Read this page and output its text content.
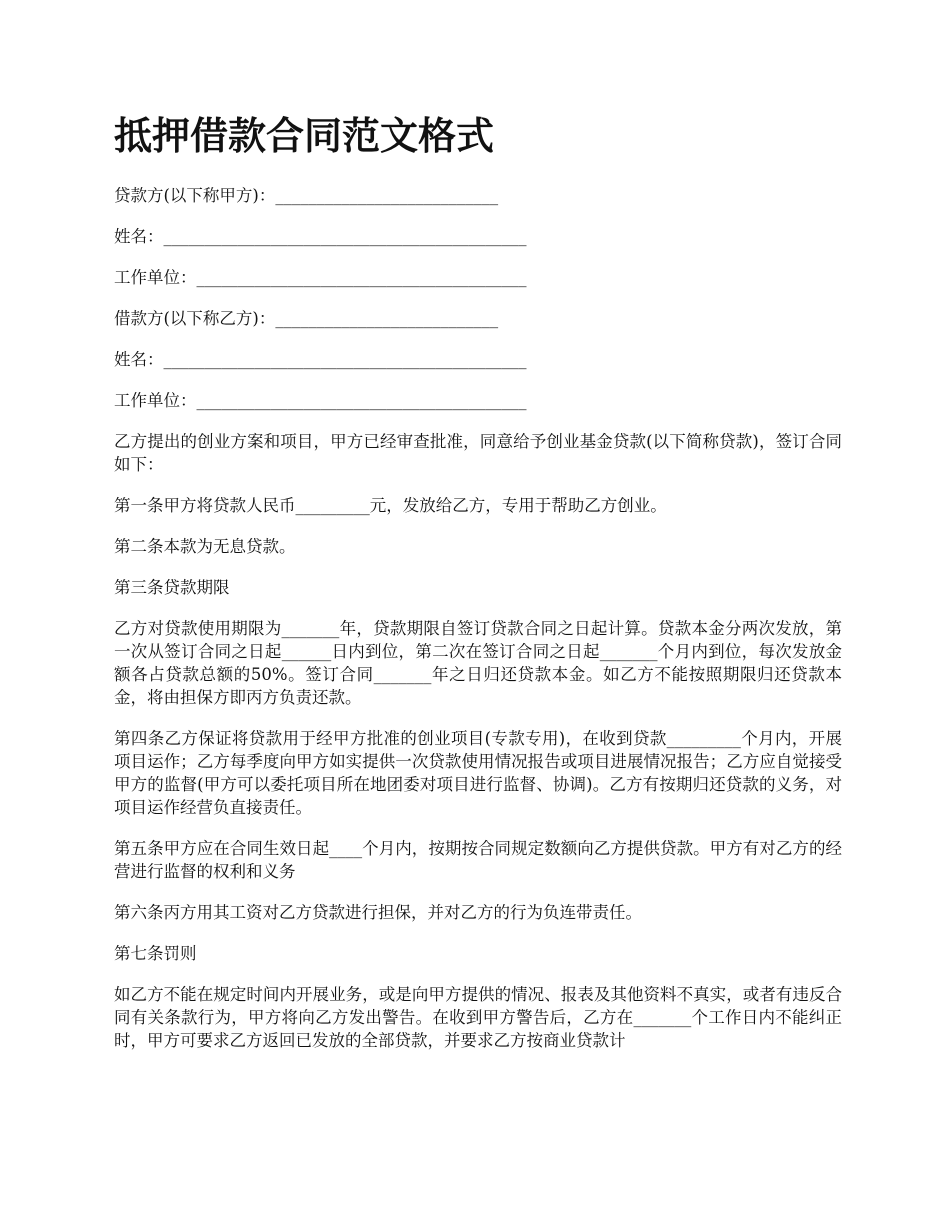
抵押借款合同范文格式
贷款方(以下称甲方)：___________________________
姓名：____________________________________________
工作单位：________________________________________
借款方(以下称乙方)：___________________________
姓名：____________________________________________
工作单位：________________________________________

乙方提出的创业方案和项目，甲方已经审查批准，同意给予创业基金贷款(以下简称贷款)，签订合同如下：

第一条甲方将贷款人民币_________元，发放给乙方，专用于帮助乙方创业。

第二条本款为无息贷款。

第三条贷款期限

乙方对贷款使用期限为_______年，贷款期限自签订贷款合同之日起计算。贷款本金分两次发放，第一次从签订合同之日起______日内到位，第二次在签订合同之日起_______个月内到位，每次发放金额各占贷款总额的50%。签订合同_______年之日归还贷款本金。如乙方不能按照期限归还贷款本金，将由担保方即丙方负责还款。

第四条乙方保证将贷款用于经甲方批准的创业项目(专款专用)，在收到贷款_________个月内，开展项目运作；乙方每季度向甲方如实提供一次贷款使用情况报告或项目进展情况报告；乙方应自觉接受甲方的监督(甲方可以委托项目所在地团委对项目进行监督、协调)。乙方有按期归还贷款的义务，对项目运作经营负直接责任。

第五条甲方应在合同生效日起____个月内，按期按合同规定数额向乙方提供贷款。甲方有对乙方的经营进行监督的权利和义务

第六条丙方用其工资对乙方贷款进行担保，并对乙方的行为负连带责任。

第七条罚则

如乙方不能在规定时间内开展业务，或是向甲方提供的情况、报表及其他资料不真实，或者有违反合同有关条款行为，甲方将向乙方发出警告。在收到甲方警告后，乙方在_______个工作日内不能纠正时，甲方可要求乙方返回已发放的全部贷款，并要求乙方按商业贷款计
